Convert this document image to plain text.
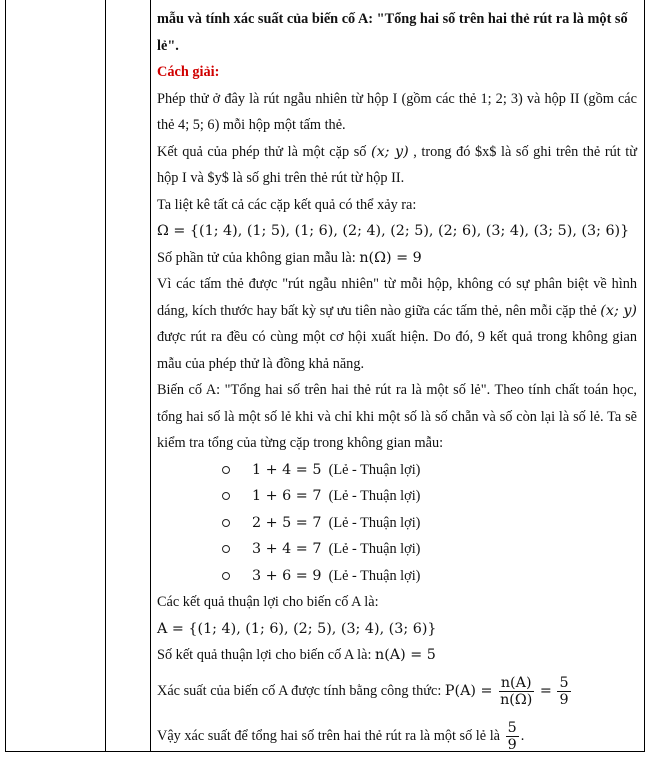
mẫu và tính xác suất của biến cố A: "Tổng hai số trên hai thẻ rút ra là một số

lẻ".

Cách giải:

Phép thử ở đây là rút ngẫu nhiên từ hộp I (gồm các thẻ 1; 2; 3) và hộp II (gồm các thẻ 4; 5; 6) mỗi hộp một tấm thẻ.

Kết quả của phép thử là một cặp số (x; y) , trong đó $x$ là số ghi trên thẻ rút từ hộp I và $y$ là số ghi trên thẻ rút từ hộp II.

Ta liệt kê tất cả các cặp kết quả có thể xảy ra:

Ω = {(1; 4), (1; 5), (1; 6), (2; 4), (2; 5), (2; 6), (3; 4), (3; 5), (3; 6)}

Số phần tử của không gian mẫu là: n(Ω) = 9

Vì các tấm thẻ được "rút ngẫu nhiên" từ mỗi hộp, không có sự phân biệt về hình dáng, kích thước hay bất kỳ sự ưu tiên nào giữa các tấm thẻ, nên mỗi cặp thẻ (x; y) được rút ra đều có cùng một cơ hội xuất hiện. Do đó, 9 kết quả trong không gian mẫu của phép thử là đồng khả năng.

Biến cố A: "Tổng hai số trên hai thẻ rút ra là một số lẻ". Theo tính chất toán học, tổng hai số là một số lẻ khi và chỉ khi một số là số chẵn và số còn lại là số lẻ. Ta sẽ kiểm tra tổng của từng cặp trong không gian mẫu:

1 + 4 = 5
(Lẻ - Thuận lợi)
1 + 6 = 7
(Lẻ - Thuận lợi)
2 + 5 = 7
(Lẻ - Thuận lợi)
3 + 4 = 7
(Lẻ - Thuận lợi)
3 + 6 = 9
(Lẻ - Thuận lợi)

Các kết quả thuận lợi cho biến cố A là:

A = {(1; 4), (1; 6), (2; 5), (3; 4), (3; 6)}

Số kết quả thuận lợi cho biến cố A là: n(A) = 5

Xác suất của biến cố A được tính bằng công thức: $P(A) = \frac{n(A)}{n(\Omega)} = \frac{5}{9}$

Vậy xác suất để tổng hai số trên hai thẻ rút ra là một số lẻ là $\frac{5}{9}$ .
